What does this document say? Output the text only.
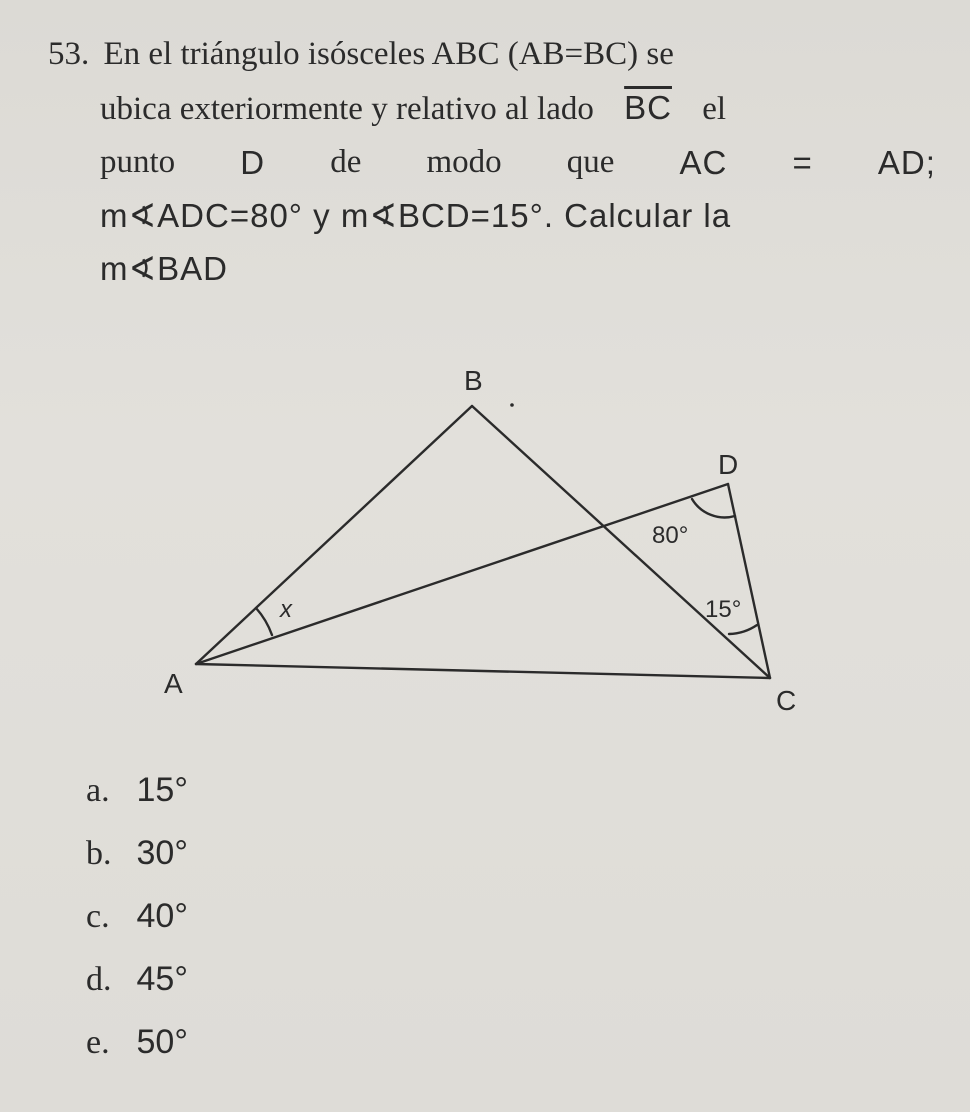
53. En el triángulo isósceles ABC (AB=BC) se
ubica exteriormente y relativo al lado $\overline{BC}$ el
punto D de modo que AC = AD;
m∢ADC=80° y m∢BCD=15°. Calcular la
m∢BAD
B
A
C
D
80°
15°
x
a. 15°
b. 30°
c. 40°
d. 45°
e. 50°
